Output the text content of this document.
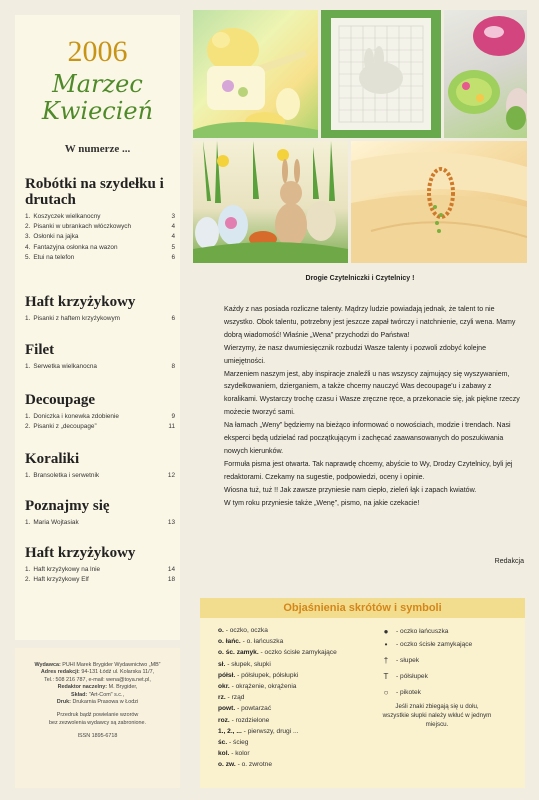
2006
Marzec
Kwiecień
W numerze ...
Robótki na szydełku i drutach
1. Koszyczek wielkanocny	3
2. Pisanki w ubrankach włóczkowych	4
3. Osłonki na jajka	4
4. Fantazyjna osłonka na wazon	5
5. Etui na telefon	6
Haft krzyżykowy
1. Pisanki z haftem krzyżykowym	6
Filet
1. Serwetka wielkanocna	8
Decoupage
1. Doniczka i konewka zdobienie	9
2. Pisanki z „decoupage”	11
Koraliki
1. Bransoletka i serwetnik	12
Poznajmy się
1. Maria Wojtasiak	13
Haft krzyżykowy
1. Haft krzyżykowy na lnie	14
2. Haft krzyżykowy Elf	18
Wydawca: PUHl Marek Brygider Wydawnictwo „MB”
Adres redakcji: 94-131 Łódź ul. Kolarska 11/7,
Tel.: 508 216 787, e-mail: wena@toya.net.pl,
Redaktor naczelny: M. Brygider,
Skład: "Art-Com" s.c.,
Druk: Drukarnia Prasowa w Łodzi
Przedruk bądź powielanie wzorów
bez zezwolenia wydawcy są zabronione.
ISSN 1895-6718
Drogie Czytelniczki i Czytelnicy !

Każdy z nas posiada rozliczne talenty. Mądrzy ludzie powiadają jednak, że talent to nie wszystko. Obok talentu, potrzebny jest jeszcze zapał twórczy i natchnienie, czyli wena. Mamy dobrą wiadomość! Właśnie „Wena” przychodzi do Państwa!

Wierzymy, że nasz dwumiesięcznik rozbudzi Wasze talenty i pozwoli zdobyć kolejne umiejętności.

Marzeniem naszym jest, aby inspiracje znaleźli u nas wszyscy zajmujący się wyszywaniem, szydełkowaniem, dzierganiem, a także chcemy nauczyć Was decoupage'u i zabawy z koralikami. Wystarczy trochę czasu i Wasze zręczne ręce, a przekonacie się, jak piękne rzeczy możecie tworzyć sami.

Na łamach „Weny” będziemy na bieżąco informować o nowościach, modzie i trendach. Nasi eksperci będą udzielać rad początkującym i zachęcać zaawansowanych do poszukiwania nowych kierunków.

Formuła pisma jest otwarta. Tak naprawdę chcemy, abyście to Wy, Drodzy Czytelnicy, byli jej redaktorami. Czekamy na sugestie, podpowiedzi, oceny i opinie.

Wiosna tuż, tuż !! Jak zawsze przyniesie nam ciepło, zieleń łąk i zapach kwiatów.

W tym roku przyniesie także „Wenę”, pismo, na jakie czekacie!

Redakcja
Objaśnienia skrótów i symboli
o. - oczko, oczka
o. łańc. - o. łańcuszka
o. śc. zamyk. - oczko ścisłe zamykające
sł. - słupek, słupki
półsł. - półsłupek, półsłupki
okr. - okrążenie, okrążenia
rz. - rząd
powt. - powtarzać
roz. - rozdzielone
1., 2., ... - pierwszy, drugi ...
śc. - ścieg
kol. - kolor
o. zw. - o. zwrotne
●	- oczko łańcuszka
•	- oczko ścisłe zamykające
†	- słupek
T	- półsłupek
○	- pikotek
Jeśli znaki zbiegają się u dołu, wszystkie słupki należy wkłuć w jednym miejscu.
